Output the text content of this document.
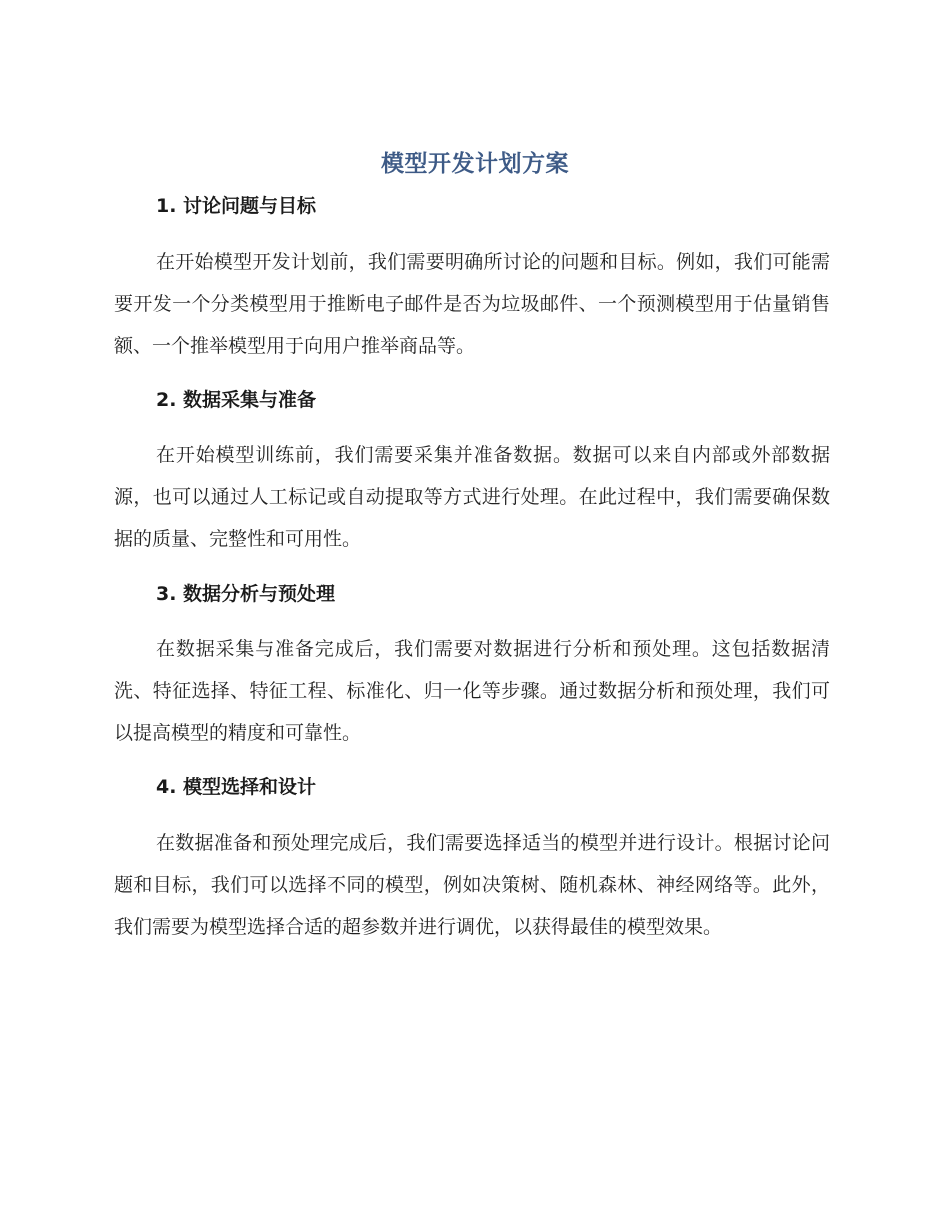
模型开发计划方案
1. 讨论问题与目标

在开始模型开发计划前，我们需要明确所讨论的问题和目标。例如，我们可能需要开发一个分类模型用于推断电子邮件是否为垃圾邮件、一个预测模型用于估量销售额、一个推举模型用于向用户推举商品等。

2. 数据采集与准备

在开始模型训练前，我们需要采集并准备数据。数据可以来自内部或外部数据源，也可以通过人工标记或自动提取等方式进行处理。在此过程中，我们需要确保数据的质量、完整性和可用性。

3. 数据分析与预处理

在数据采集与准备完成后，我们需要对数据进行分析和预处理。这包括数据清洗、特征选择、特征工程、标准化、归一化等步骤。通过数据分析和预处理，我们可以提高模型的精度和可靠性。

4. 模型选择和设计

在数据准备和预处理完成后，我们需要选择适当的模型并进行设计。根据讨论问题和目标，我们可以选择不同的模型，例如决策树、随机森林、神经网络等。此外，我们需要为模型选择合适的超参数并进行调优，以获得最佳的模型效果。
